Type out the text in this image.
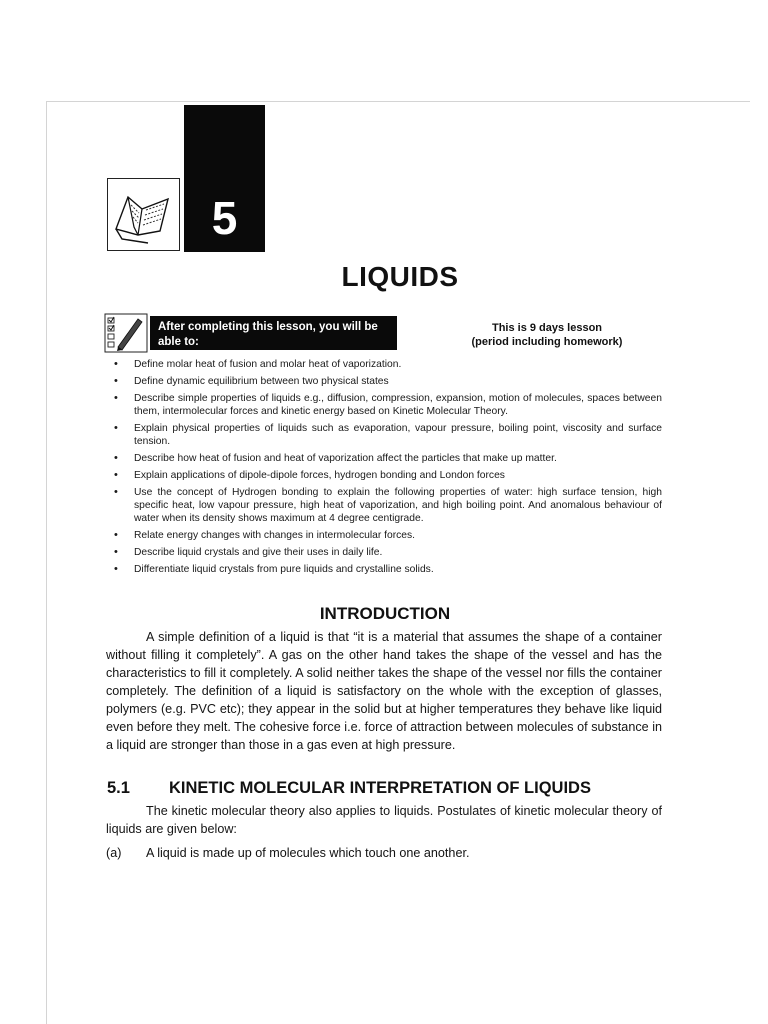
5
LIQUIDS
After completing this lesson, you will be able to:
This is 9 days lesson
(period including homework)
• Define molar heat of fusion and molar heat of vaporization.
• Define dynamic equilibrium between two physical states
• Describe simple properties of liquids e.g., diffusion, compression, expansion, motion of molecules, spaces between them, intermolecular forces and kinetic energy based on Kinetic Molecular Theory.
• Explain physical properties of liquids such as evaporation, vapour pressure, boiling point, viscosity and surface tension.
• Describe how heat of fusion and heat of vaporization affect the particles that make up matter.
• Explain applications of dipole-dipole forces, hydrogen bonding and London forces
• Use the concept of Hydrogen bonding to explain the following properties of water: high surface tension, high specific heat, low vapour pressure, high heat of vaporization, and high boiling point. And anomalous behaviour of water when its density shows maximum at 4 degree centigrade.
• Relate energy changes with changes in intermolecular forces.
• Describe liquid crystals and give their uses in daily life.
• Differentiate liquid crystals from pure liquids and crystalline solids.
INTRODUCTION

A simple definition of a liquid is that “it is a material that assumes the shape of a container without filling it completely”. A gas on the other hand takes the shape of the vessel and has the characteristics to fill it completely. A solid neither takes the shape of the vessel nor fills the container completely. The definition of a liquid is satisfactory on the whole with the exception of glasses, polymers (e.g. PVC etc); they appear in the solid but at higher temperatures they behave like liquid even before they melt. The cohesive force i.e. force of attraction between molecules of substance in a liquid are stronger than those in a gas even at high pressure.

5.1 KINETIC MOLECULAR INTERPRETATION OF LIQUIDS

The kinetic molecular theory also applies to liquids. Postulates of kinetic molecular theory of liquids are given below:

(a) A liquid is made up of molecules which touch one another.
